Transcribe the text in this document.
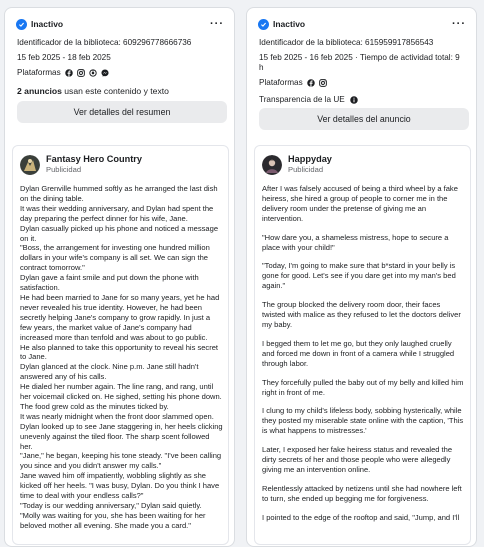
Inactivo	···
Identificador de la biblioteca: 609296778666736
15 feb 2025 - 18 feb 2025
Plataformas
2 anuncios usan este contenido y texto
Ver detalles del resumen
Fantasy Hero Country
Publicidad

Dylan Grenville hummed softly as he arranged the last dish on the dining table.

It was their wedding anniversary, and Dylan had spent the day preparing the perfect dinner for his wife, Jane.

Dylan casually picked up his phone and noticed a message on it.

"Boss, the arrangement for investing one hundred million dollars in your wife's company is all set. We can sign the contract tomorrow."

Dylan gave a faint smile and put down the phone with satisfaction.

He had been married to Jane for so many years, yet he had never revealed his true identity. However, he had been secretly helping Jane's company to grow rapidly. In just a few years, the market value of Jane's company had increased more than tenfold and was about to go public.

He also planned to take this opportunity to reveal his secret to Jane.

Dylan glanced at the clock. Nine p.m. Jane still hadn't answered any of his calls.

He dialed her number again. The line rang, and rang, until her voicemail clicked on. He sighed, setting his phone down. The food grew cold as the minutes ticked by.

It was nearly midnight when the front door slammed open.

Dylan looked up to see Jane staggering in, her heels clicking unevenly against the tiled floor. The sharp scent followed her.

"Jane," he began, keeping his tone steady. "I've been calling you since and you didn't answer my calls."

Jane waved him off impatiently, wobbling slightly as she kicked off her heels. "I was busy, Dylan. Do you think I have time to deal with your endless calls?"

"Today is our wedding anniversary," Dylan said quietly.

"Molly was waiting for you, she has been waiting for her beloved mother all evening. She made you a card."

Inactivo	···
Identificador de la biblioteca: 615959917856543
15 feb 2025 - 16 feb 2025 · Tiempo de actividad total: 9 h
Plataformas
Transparencia de la UE
Ver detalles del anuncio
Happyday
Publicidad

After I was falsely accused of being a third wheel by a fake heiress, she hired a group of people to corner me in the delivery room under the pretense of giving me an intervention.

"How dare you, a shameless mistress, hope to secure a place with your child!"

"Today, I'm going to make sure that b*stard in your belly is gone for good. Let's see if you dare get into my man's bed again."

The group blocked the delivery room door, their faces twisted with malice as they refused to let the doctors deliver my baby.

I begged them to let me go, but they only laughed cruelly and forced me down in front of a camera while I struggled through labor.

They forcefully pulled the baby out of my belly and killed him right in front of me.

I clung to my child's lifeless body, sobbing hysterically, while they posted my miserable state online with the caption, 'This is what happens to mistresses.'

Later, I exposed her fake heiress status and revealed the dirty secrets of her and those people who were allegedly giving me an intervention online.

Relentlessly attacked by netizens until she had nowhere left to turn, she ended up begging me for forgiveness.

I pointed to the edge of the rooftop and said, "Jump, and I'll
